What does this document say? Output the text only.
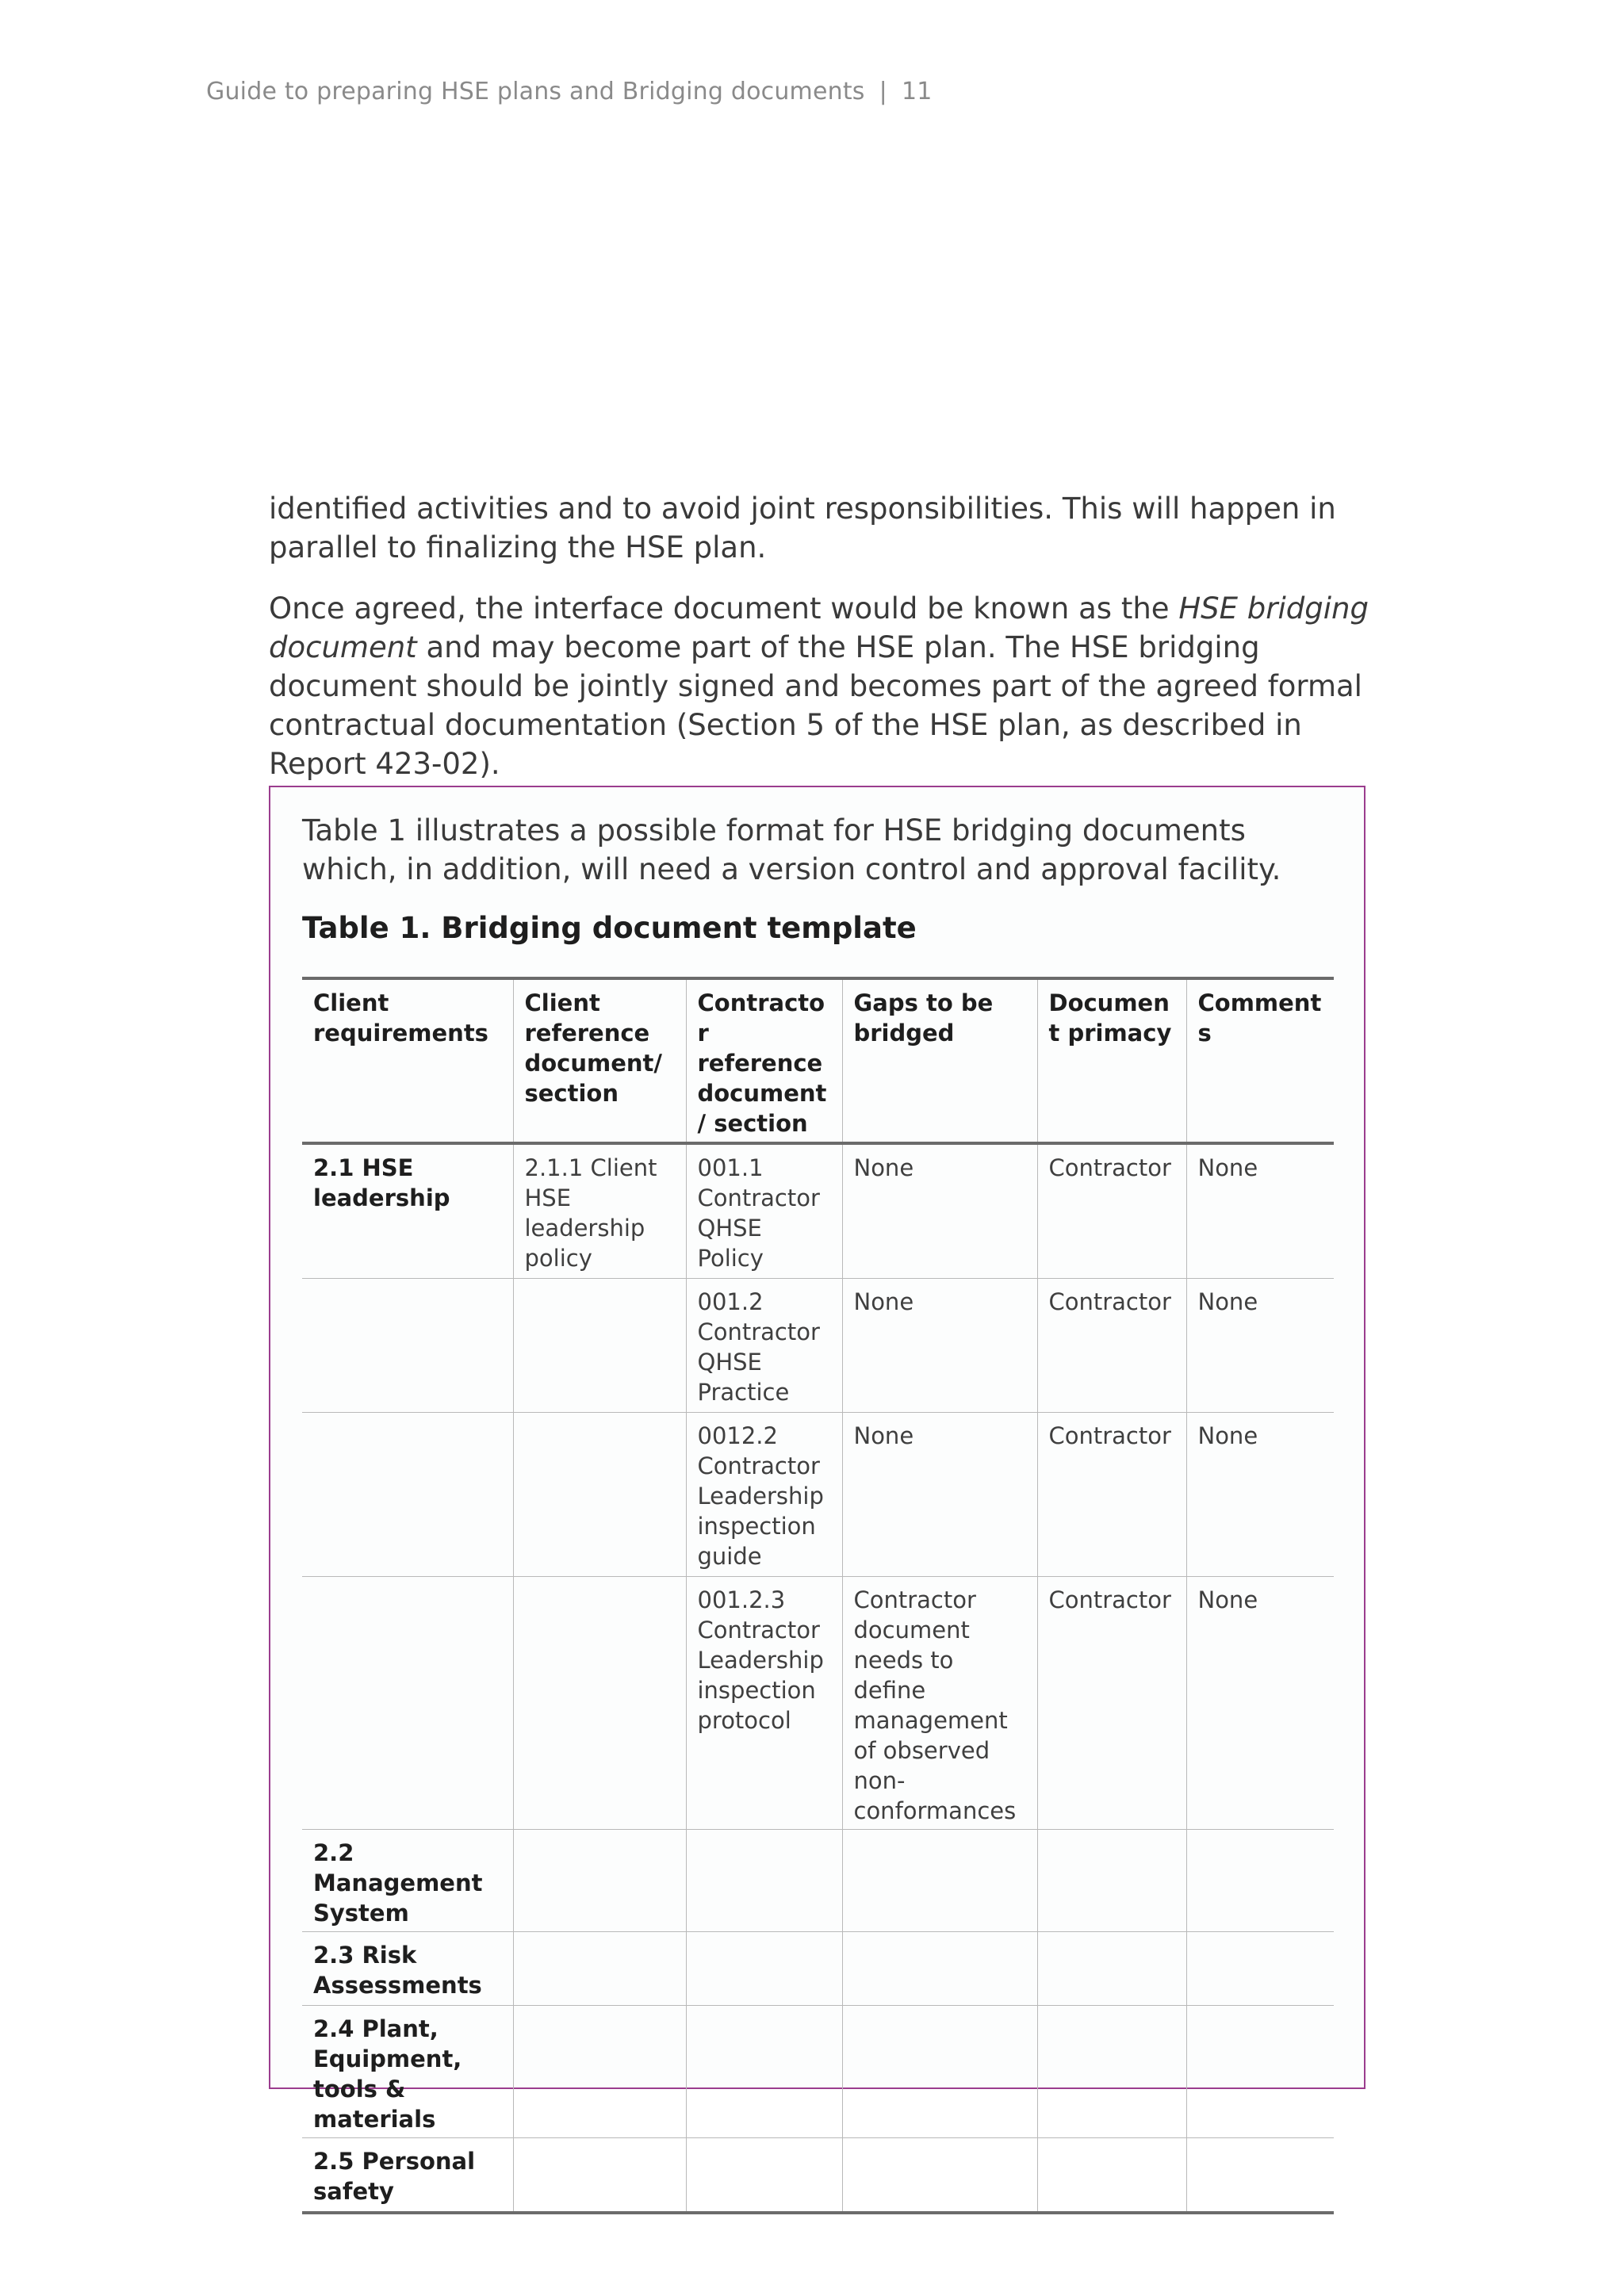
Guide to preparing HSE plans and Bridging documents | 11

identified activities and to avoid joint responsibilities. This will happen in parallel to finalizing the HSE plan.

Once agreed, the interface document would be known as the HSE bridging document and may become part of the HSE plan. The HSE bridging document should be jointly signed and becomes part of the agreed formal contractual documentation (Section 5 of the HSE plan, as described in Report 423-02).

Table 1 illustrates a possible format for HSE bridging documents which, in addition, will need a version control and approval facility.

Table 1. Bridging document template

Client requirements	Client reference document/ section	Contractor reference document/ section	Gaps to be bridged	Document primacy	Comments
2.1 HSE leadership	2.1.1 Client HSE leadership policy	001.1 Contractor QHSE Policy	None	Contractor	None
		001.2 Contractor QHSE Practice	None	Contractor	None
		0012.2 Contractor Leadership inspection guide	None	Contractor	None
		001.2.3 Contractor Leadership inspection protocol	Contractor document needs to define management of observed non-conformances	Contractor	None
2.2 Management System					
2.3 Risk Assessments					
2.4 Plant, Equipment, tools & materials					
2.5 Personal safety					
